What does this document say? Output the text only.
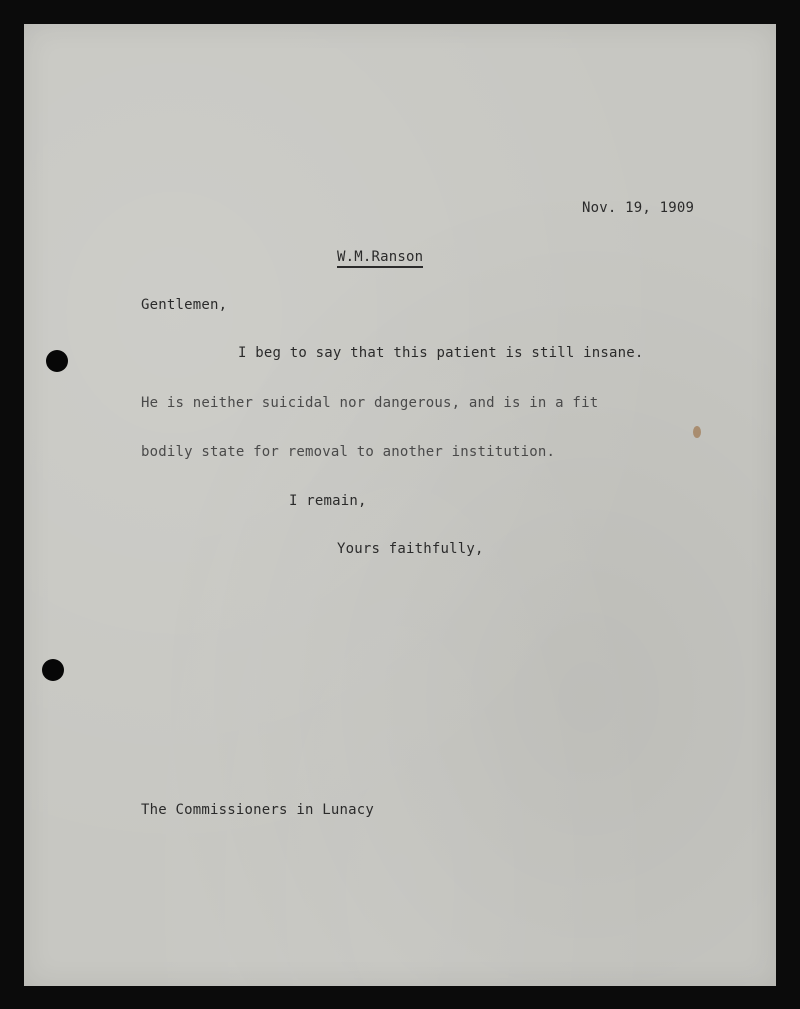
Nov. 19, 1909
W.M.Ranson
Gentlemen,
I beg to say that this patient is still insane.
He is neither suicidal nor dangerous, and is in a fit
bodily state for removal to another institution.
I remain,
Yours faithfully,
The Commissioners in Lunacy
